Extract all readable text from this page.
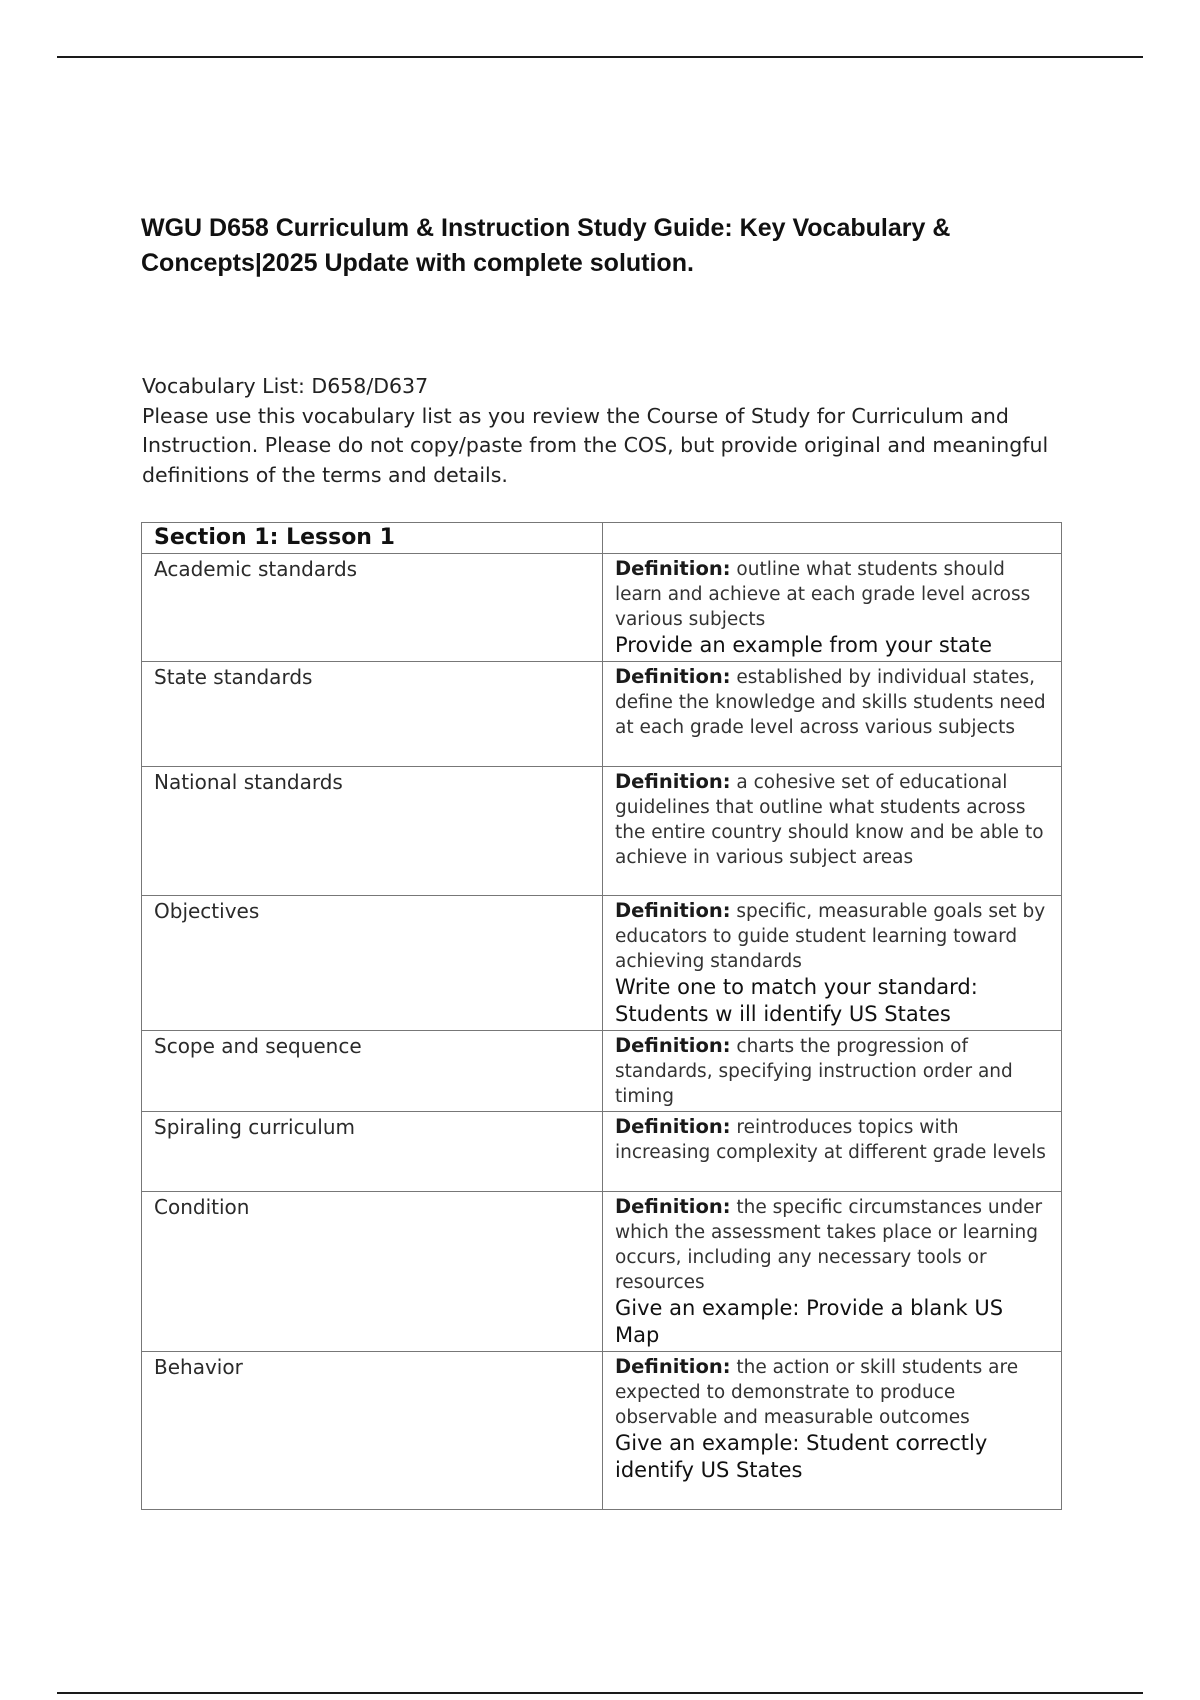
WGU D658 Curriculum & Instruction Study Guide: Key Vocabulary & Concepts|2025 Update with complete solution.

Vocabulary List: D658/D637

Please use this vocabulary list as you review the Course of Study for Curriculum and Instruction. Please do not copy/paste from the COS, but provide original and meaningful definitions of the terms and details.

Section 1: Lesson 1	

Academic standards	Definition: outline what students should learn and achieve at each grade level across various subjects
Provide an example from your state

State standards	Definition: established by individual states, define the knowledge and skills students need at each grade level across various subjects

National standards	Definition: a cohesive set of educational guidelines that outline what students across the entire country should know and be able to achieve in various subject areas

Objectives	Definition: specific, measurable goals set by educators to guide student learning toward achieving standards
Write one to match your standard: Students w ill identify US States

Scope and sequence	Definition: charts the progression of standards, specifying instruction order and timing

Spiraling curriculum	Definition: reintroduces topics with increasing complexity at different grade levels

Condition	Definition: the specific circumstances under which the assessment takes place or learning occurs, including any necessary tools or resources
Give an example: Provide a blank US Map

Behavior	Definition: the action or skill students are expected to demonstrate to produce observable and measurable outcomes
Give an example: Student correctly identify US States
